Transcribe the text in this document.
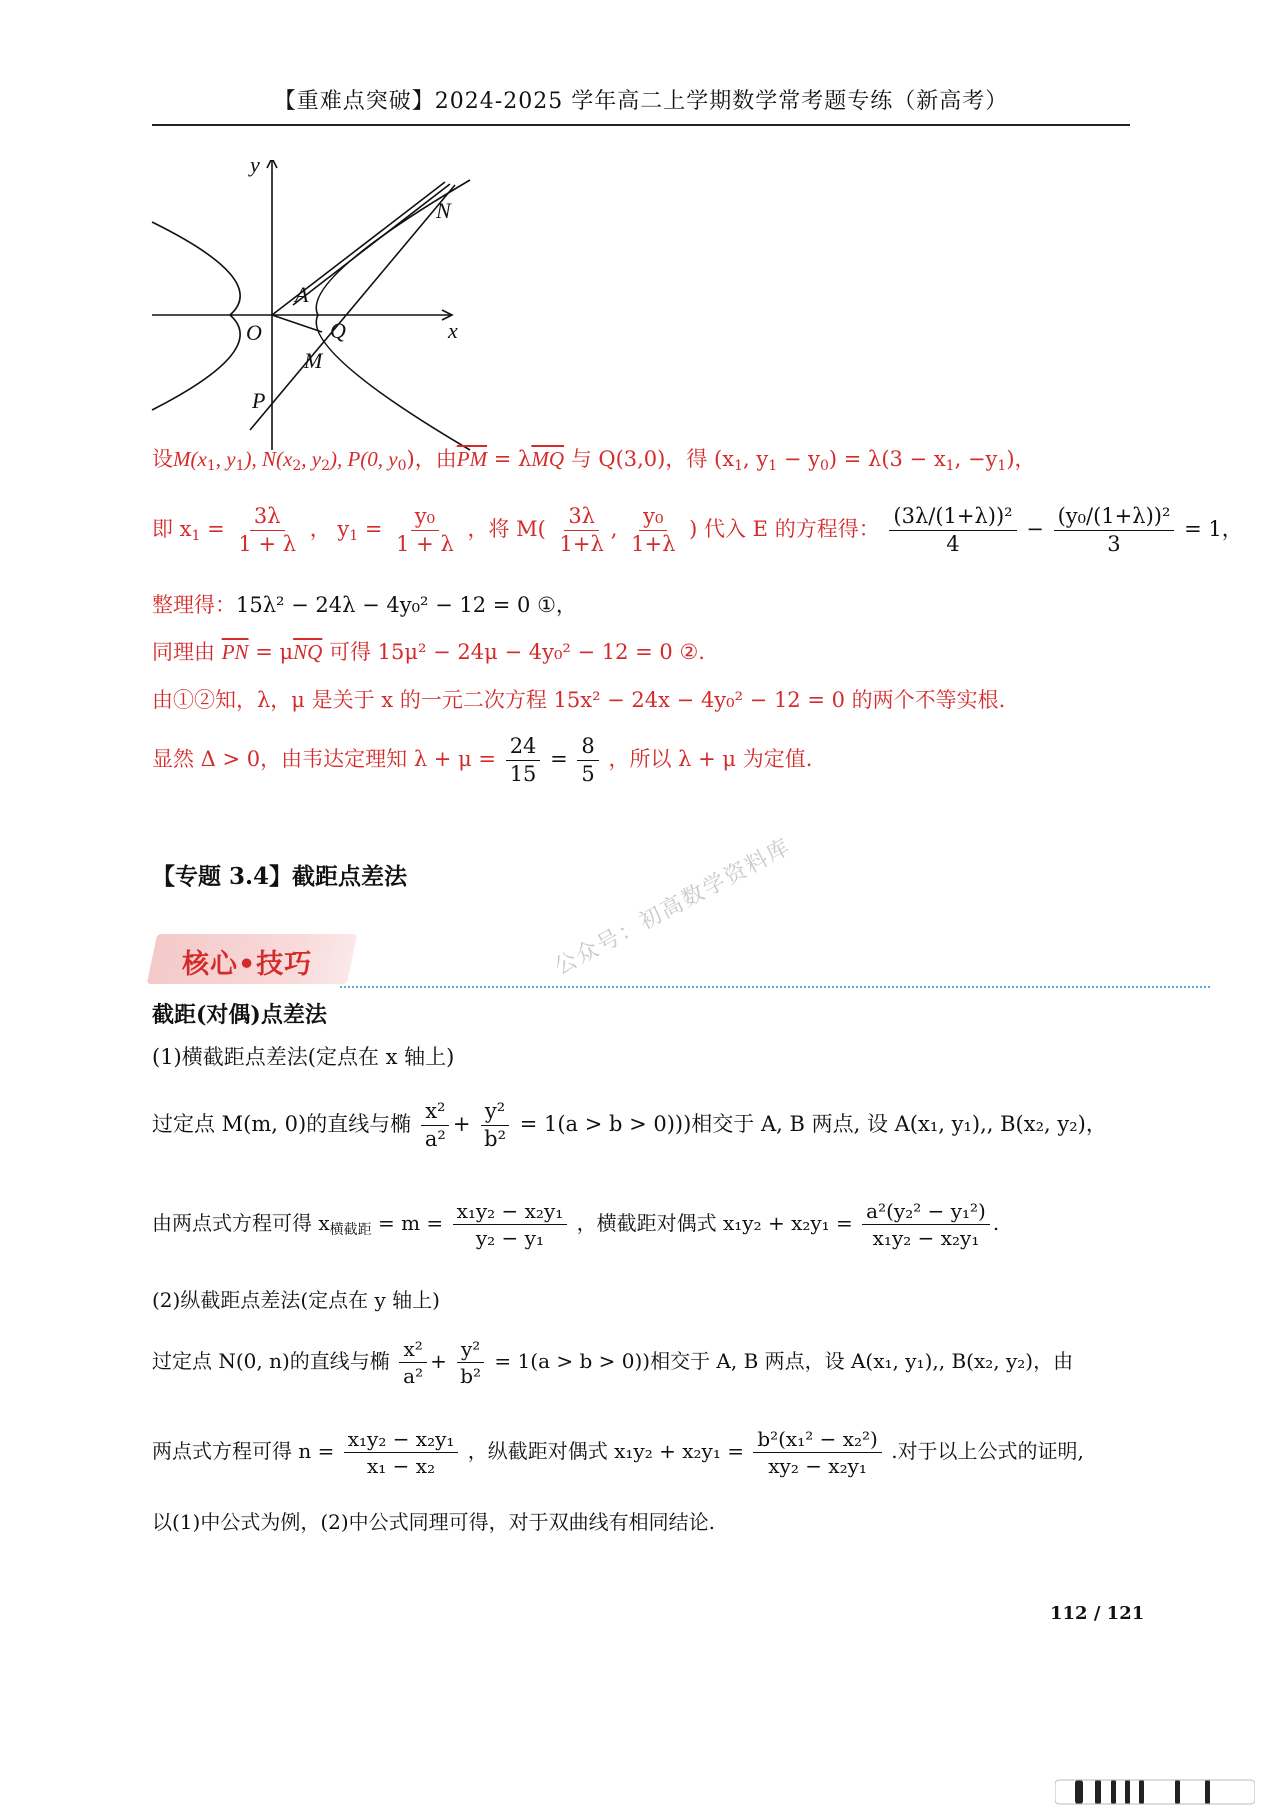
【重难点突破】2024-2025 学年高二上学期数学常考题专练（新高考）
y
x
N
A
O	Q
M
P
设$M(x_1$, $y_1$), $N(x_2$, $y_2$), P(0, $y_0$)，由$\overline{PM} = \lambda\overline{MQ}$ 与 Q(3,0)，得 ($x_1$, $y_1 - y_0) = \lambda(3 - x_1$, $-y_1$)，
即 $x_1 = \frac{3\lambda}{1 + \lambda}$ ， $y_1 = \frac{\text{y₀}}{1 + \lambda}$ ，将 $M( \frac{3\lambda}{1+\lambda}$ , $\frac{\text{y₀}}{1+\lambda}$ ) 代入 E 的方程得： $\frac{\text{(3λ/(1+λ))²}}{4} - \frac{\text{(y₀/(1+λ))²}}{3} = 1$，
整理得：15λ² − 24λ − 4y₀² − 12 = 0 ①，
同理由 $\overline{PN} = \mu\overline{NQ}$ 可得 15μ² − 24μ − 4y₀² − 12 = 0 ②.
由①②知，λ，μ 是关于 x 的一元二次方程 15x² − 24x − 4y₀² − 12 = 0 的两个不等实根.
显然 Δ > 0，由韦达定理知 $\lambda + \mu = \frac{24}{15} = \frac{8}{5}$ ，所以 λ + μ 为定值.
【专题 3.4】截距点差法
核心•技巧	公众号：初高数学资料库
截距(对偶)点差法
(1)横截距点差法(定点在 x 轴上)
过定点 M(m, 0)的直线与椭 $\frac{\text{x²}}{\text{a²}} + \frac{\text{y²}}{\text{b²}} = 1(a > b > 0)$))相交于 A, B 两点, 设 A(x₁, y₁),, B(x₂, y₂)，
由两点式方程可得 $x_{横截距} = m = \frac{\text{x₁y₂ − x₂y₁}}{\text{y₂ − y₁}}$ ，横截距对偶式 $x_1y_2 + x_2y_1 = \frac{\text{a²(y₂² − y₁²)}}{\text{x₁y₂ − x₂y₁}}$ .
(2)纵截距点差法(定点在 y 轴上)
过定点 N(0, n)的直线与椭 $\frac{\text{x²}}{\text{a²}} + \frac{\text{y²}}{\text{b²}} = 1(a > b > 0)$)相交于 A, B 两点，设 A(x₁, y₁),, B(x₂, y₂)，由
两点式方程可得 $n = \frac{\text{x₁y₂ − x₂y₁}}{\text{x₁ − x₂}}$ ，纵截距对偶式 $x_1y_2 + x_2y_1 = \frac{\text{b²(x₁² − x₂²)}}{\text{xy₂ − x₂y₁}}$ .对于以上公式的证明,
以(1)中公式为例，(2)中公式同理可得，对于双曲线有相同结论.
112 / 121
